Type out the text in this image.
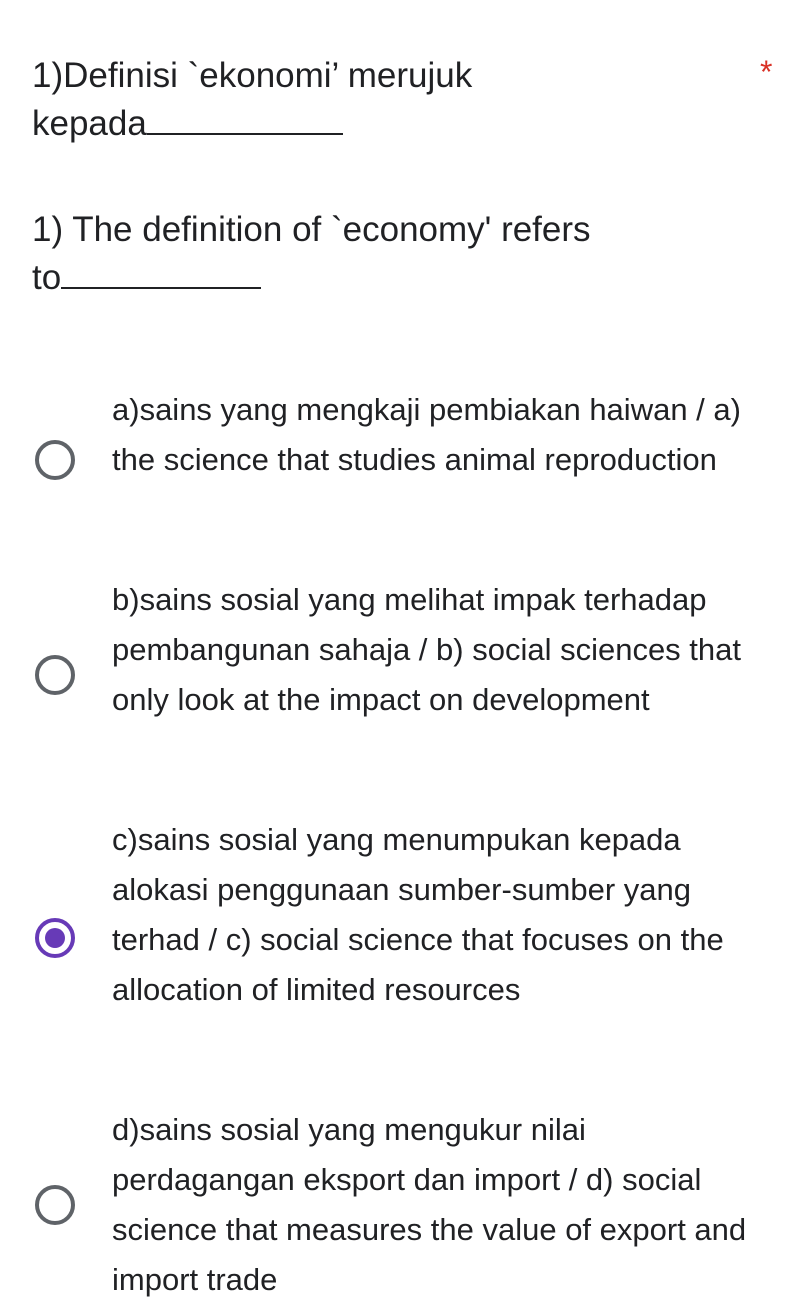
1)Definisi `ekonomi’ merujuk
kepada

1) The definition of `economy' refers
to

*
a)sains yang mengkaji pembiakan haiwan / a) the science that studies animal reproduction
b)sains sosial yang melihat impak terhadap pembangunan sahaja / b) social sciences that only look at the impact on development
c)sains sosial yang menumpukan kepada alokasi penggunaan sumber-sumber yang terhad / c) social science that focuses on the allocation of limited resources
d)sains sosial yang mengukur nilai perdagangan eksport dan import / d) social science that measures the value of export and import trade
